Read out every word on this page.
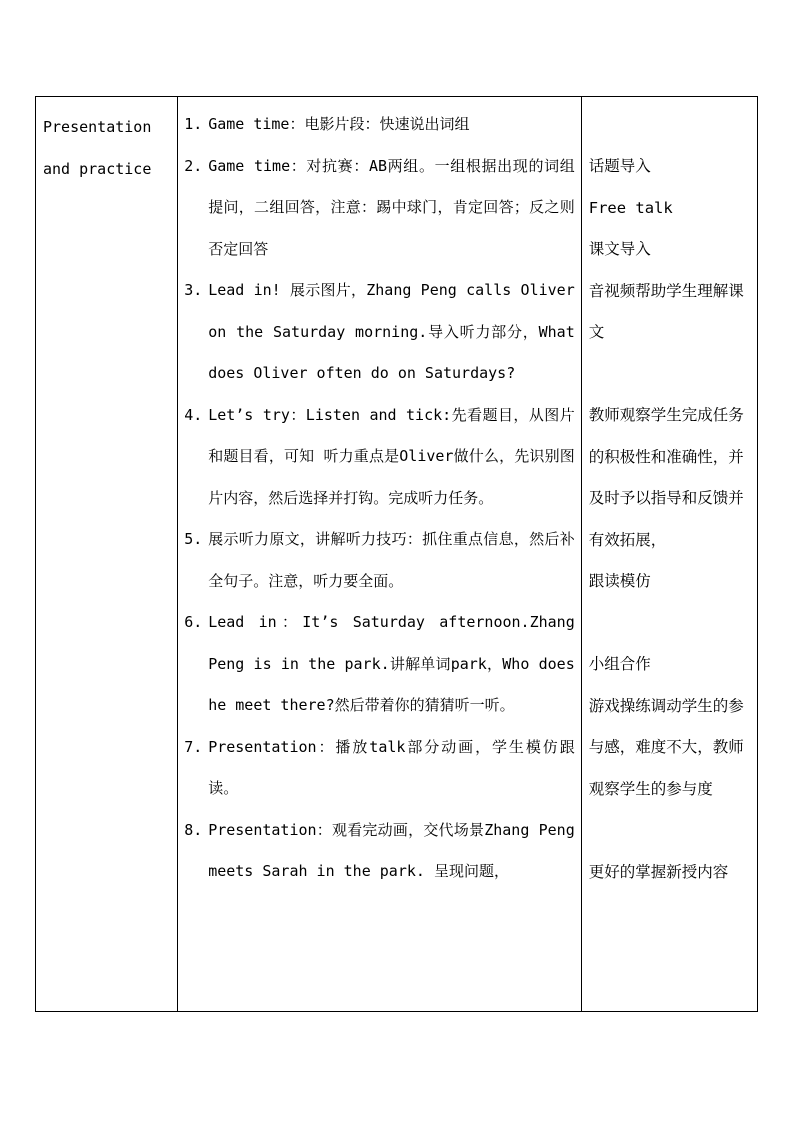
Presentation
and practice

1. Game time：电影片段：快速说出词组
2. Game time：对抗赛：AB两组。一组根据出现的词组提问，二组回答，注意：踢中球门，肯定回答；反之则否定回答
3. Lead in! 展示图片，Zhang Peng calls Oliver on the Saturday morning.导入听力部分，What does Oliver often do on Saturdays?
4. Let’s try：Listen and tick:先看题目，从图片和题目看，可知 听力重点是Oliver做什么，先识别图片内容，然后选择并打钩。完成听力任务。
5. 展示听力原文，讲解听力技巧：抓住重点信息，然后补全句子。注意，听力要全面。
6. Lead in：It’s Saturday afternoon.Zhang Peng is in the park.讲解单词park，Who does he meet there?然后带着你的猜猜听一听。
7. Presentation：播放talk部分动画，学生模仿跟读。
8. Presentation：观看完动画，交代场景Zhang Peng meets Sarah in the park. 呈现问题，

话题导入
Free talk
课文导入
音视频帮助学生理解课文
教师观察学生完成任务的积极性和准确性，并及时予以指导和反馈并有效拓展，
跟读模仿
小组合作
游戏操练调动学生的参与感，难度不大，教师观察学生的参与度
更好的掌握新授内容
